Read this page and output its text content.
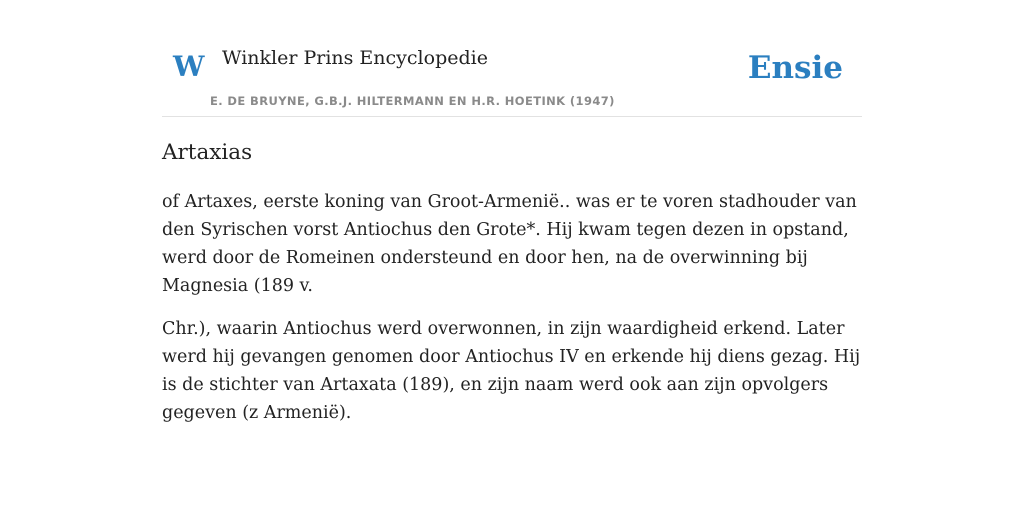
W Winkler Prins Encyclopedie
E. DE BRUYNE, G.B.J. HILTERMANN EN H.R. HOETINK (1947)
Ensie
Artaxias

of Artaxes, eerste koning van Groot-Armenië.. was er te voren stadhouder van den Syrischen vorst Antiochus den Grote*. Hij kwam tegen dezen in opstand, werd door de Romeinen ondersteund en door hen, na de overwinning bij Magnesia (189 v.

Chr.), waarin Antiochus werd overwonnen, in zijn waardigheid erkend. Later werd hij gevangen genomen door Antiochus IV en erkende hij diens gezag. Hij is de stichter van Artaxata (189), en zijn naam werd ook aan zijn opvolgers gegeven (z Armenië).
